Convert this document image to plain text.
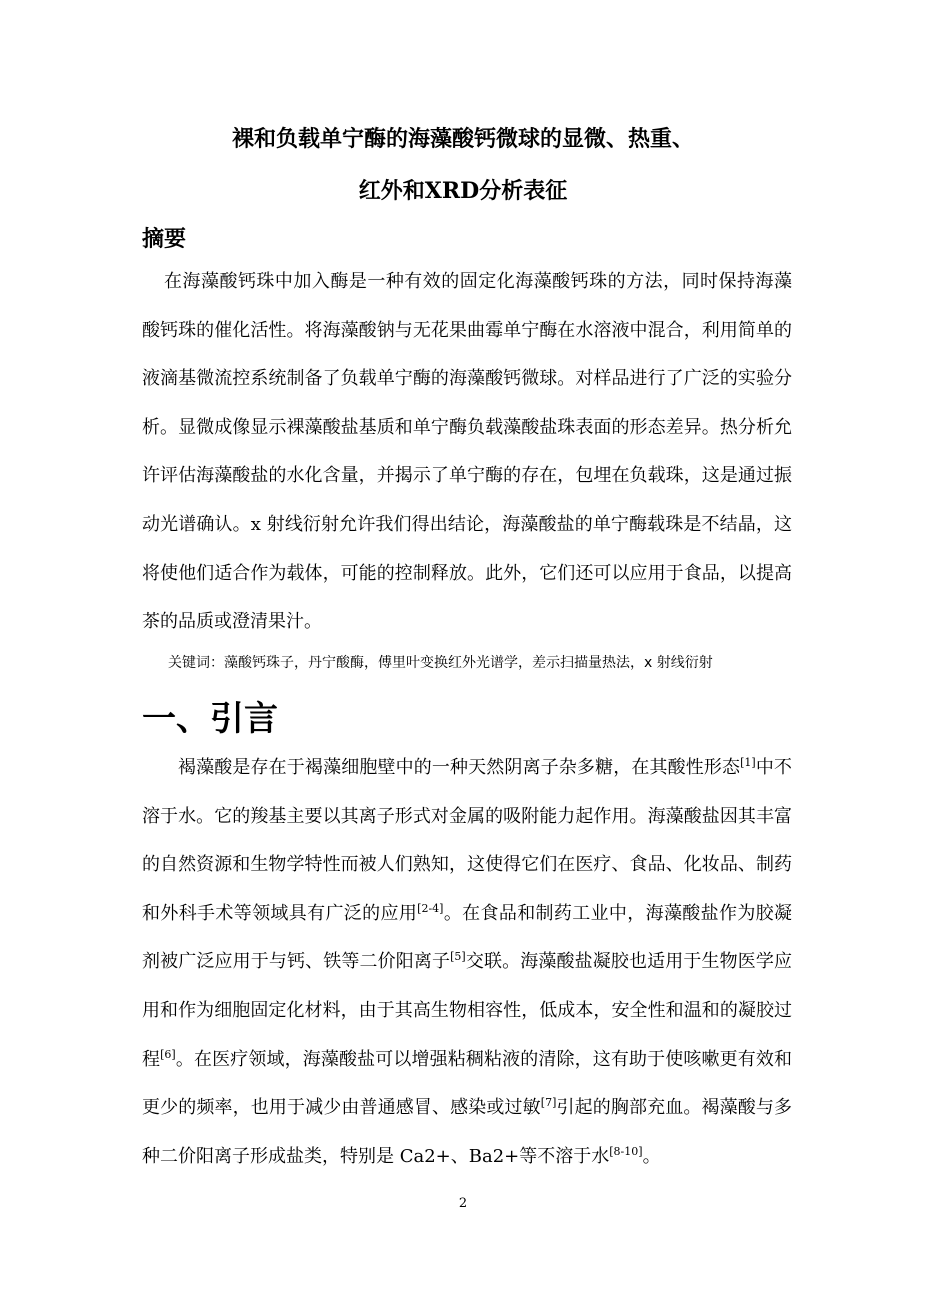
裸和负载单宁酶的海藻酸钙微球的显微、热重、
红外和XRD分析表征
摘要

在海藻酸钙珠中加入酶是一种有效的固定化海藻酸钙珠的方法，同时保持海藻酸钙珠的催化活性。将海藻酸钠与无花果曲霉单宁酶在水溶液中混合，利用简单的液滴基微流控系统制备了负载单宁酶的海藻酸钙微球。对样品进行了广泛的实验分析。显微成像显示裸藻酸盐基质和单宁酶负载藻酸盐珠表面的形态差异。热分析允许评估海藻酸盐的水化含量，并揭示了单宁酶的存在，包埋在负载珠，这是通过振动光谱确认。x 射线衍射允许我们得出结论，海藻酸盐的单宁酶载珠是不结晶，这将使他们适合作为载体，可能的控制释放。此外，它们还可以应用于食品，以提高茶的品质或澄清果汁。

关键词：藻酸钙珠子，丹宁酸酶，傅里叶变换红外光谱学，差示扫描量热法，x 射线衍射

一、引言

褐藻酸是存在于褐藻细胞壁中的一种天然阴离子杂多糖，在其酸性形态[1]中不溶于水。它的羧基主要以其离子形式对金属的吸附能力起作用。海藻酸盐因其丰富的自然资源和生物学特性而被人们熟知，这使得它们在医疗、食品、化妆品、制药和外科手术等领域具有广泛的应用[2-4]。在食品和制药工业中，海藻酸盐作为胶凝剂被广泛应用于与钙、铁等二价阳离子[5]交联。海藻酸盐凝胶也适用于生物医学应用和作为细胞固定化材料，由于其高生物相容性，低成本，安全性和温和的凝胶过程[6]。在医疗领域，海藻酸盐可以增强粘稠粘液的清除，这有助于使咳嗽更有效和更少的频率，也用于减少由普通感冒、感染或过敏[7]引起的胸部充血。褐藻酸与多种二价阳离子形成盐类，特别是 Ca2+、Ba2+等不溶于水[8-10]。

2
